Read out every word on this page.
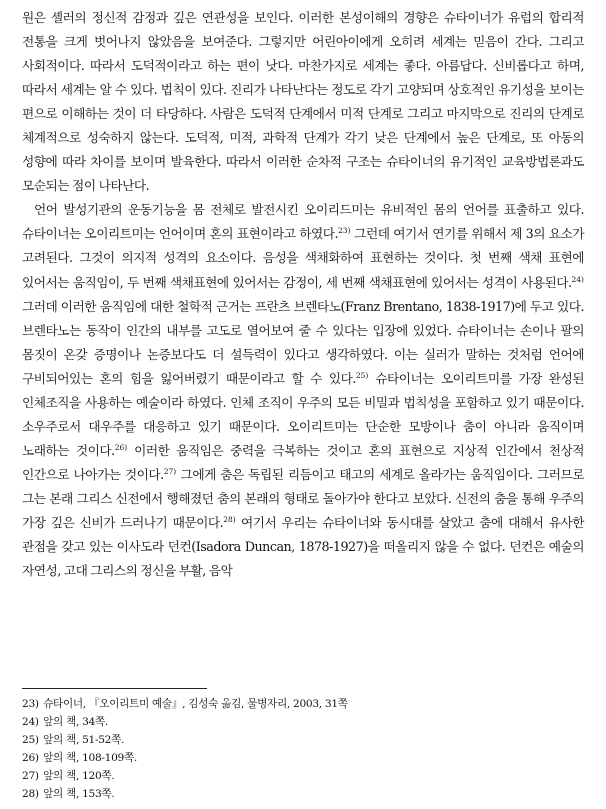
원은 셸러의 정신적 감정과 깊은 연관성을 보인다. 이러한 본성이해의 경향은 슈타이너가 유럽의 합리적 전통을 크게 벗어나지 않았음을 보여준다. 그렇지만 어린아이에게 오히려 세계는 믿음이 간다. 그리고 사회적이다. 따라서 도덕적이라고 하는 편이 낫다. 마찬가지로 세계는 좋다. 아름답다. 신비롭다고 하며, 따라서 세계는 알 수 있다. 법칙이 있다. 진리가 나타난다는 정도로 각기 고양되며 상호적인 유기성을 보이는 편으로 이해하는 것이 더 타당하다. 사람은 도덕적 단계에서 미적 단계로 그리고 마지막으로 진리의 단계로 체계적으로 성숙하지 않는다. 도덕적, 미적, 과학적 단계가 각기 낮은 단계에서 높은 단계로, 또 아동의 성향에 따라 차이를 보이며 발육한다. 따라서 이러한 순차적 구조는 슈타이너의 유기적인 교육방법론과도 모순되는 점이 나타난다.

언어 발성기관의 운동기능을 몸 전체로 발전시킨 오이리드미는 유비적인 몸의 언어를 표출하고 있다. 슈타이너는 오이리트미는 언어이며 혼의 표현이라고 하였다.$^{23)}$ 그런데 여기서 연기를 위해서 제 3의 요소가 고려된다. 그것이 의지적 성격의 요소이다. 음성을 색채화하여 표현하는 것이다. 첫 번째 색채 표현에 있어서는 움직임이, 두 번째 색채표현에 있어서는 감정이, 세 번째 색채표현에 있어서는 성격이 사용된다.$^{24)}$ 그러데 이러한 움직임에 대한 철학적 근거는 프란츠 브렌타노(Franz Brentano, 1838-1917)에 두고 있다. 브렌타노는 동작이 인간의 내부를 고도로 열어보여 줄 수 있다는 입장에 있었다. 슈타이너는 손이나 팔의 몸짓이 온갖 증명이나 논증보다도 더 설득력이 있다고 생각하였다. 이는 실러가 말하는 것처럼 언어에 구비되어있는 혼의 힘을 잃어버렸기 때문이라고 할 수 있다.$^{25)}$ 슈타이너는 오이리트미를 가장 완성된 인체조직을 사용하는 예술이라 하였다. 인체 조직이 우주의 모든 비밀과 법칙성을 포함하고 있기 때문이다. 소우주로서 대우주를 대응하고 있기 때문이다. 오이리트미는 단순한 모방이나 춤이 아니라 움직이며 노래하는 것이다.$^{26)}$ 이러한 움직임은 중력을 극복하는 것이고 혼의 표현으로 지상적 인간에서 천상적 인간으로 나아가는 것이다.$^{27)}$ 그에게 춤은 독립된 리듬이고 태고의 세계로 올라가는 움직임이다. 그러므로 그는 본래 그리스 신전에서 행해졌던 춤의 본래의 형태로 돌아가야 한다고 보았다. 신전의 춤을 통해 우주의 가장 깊은 신비가 드러나기 때문이다.$^{28)}$ 여기서 우리는 슈타이너와 동시대를 살았고 춤에 대해서 유사한 관점을 갖고 있는 이사도라 던컨(Isadora Duncan, 1878-1927)을 떠올리지 않을 수 없다. 던컨은 예술의 자연성, 고대 그리스의 정신을 부활, 음악

23) 슈타이너, 『오이리트미 예술』, 김성숙 옮김, 물병자리, 2003, 31쪽
24) 앞의 책, 34쪽.
25) 앞의 책, 51-52쪽.
26) 앞의 책, 108-109쪽.
27) 앞의 책, 120쪽.
28) 앞의 책, 153쪽.
